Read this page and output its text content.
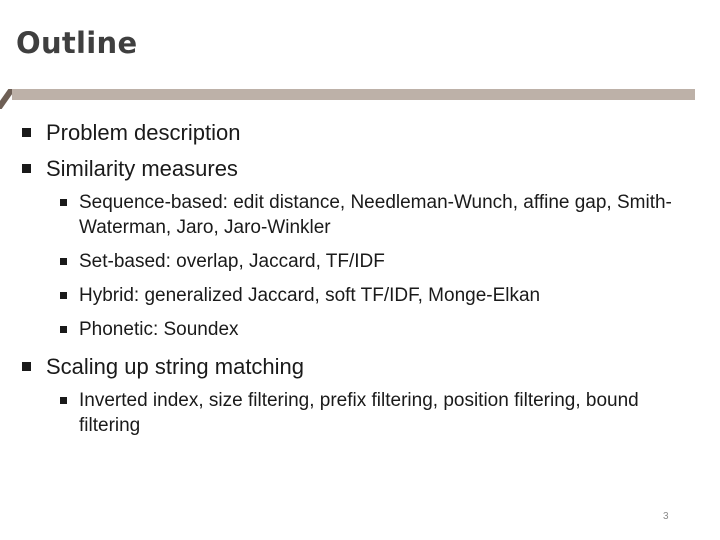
Outline
Problem description
Similarity measures
Sequence-based: edit distance, Needleman-Wunch, affine gap, Smith-Waterman, Jaro, Jaro-Winkler
Set-based: overlap, Jaccard, TF/IDF
Hybrid: generalized Jaccard, soft TF/IDF, Monge-Elkan
Phonetic: Soundex
Scaling up string matching
Inverted index, size filtering, prefix filtering, position filtering, bound filtering
3
